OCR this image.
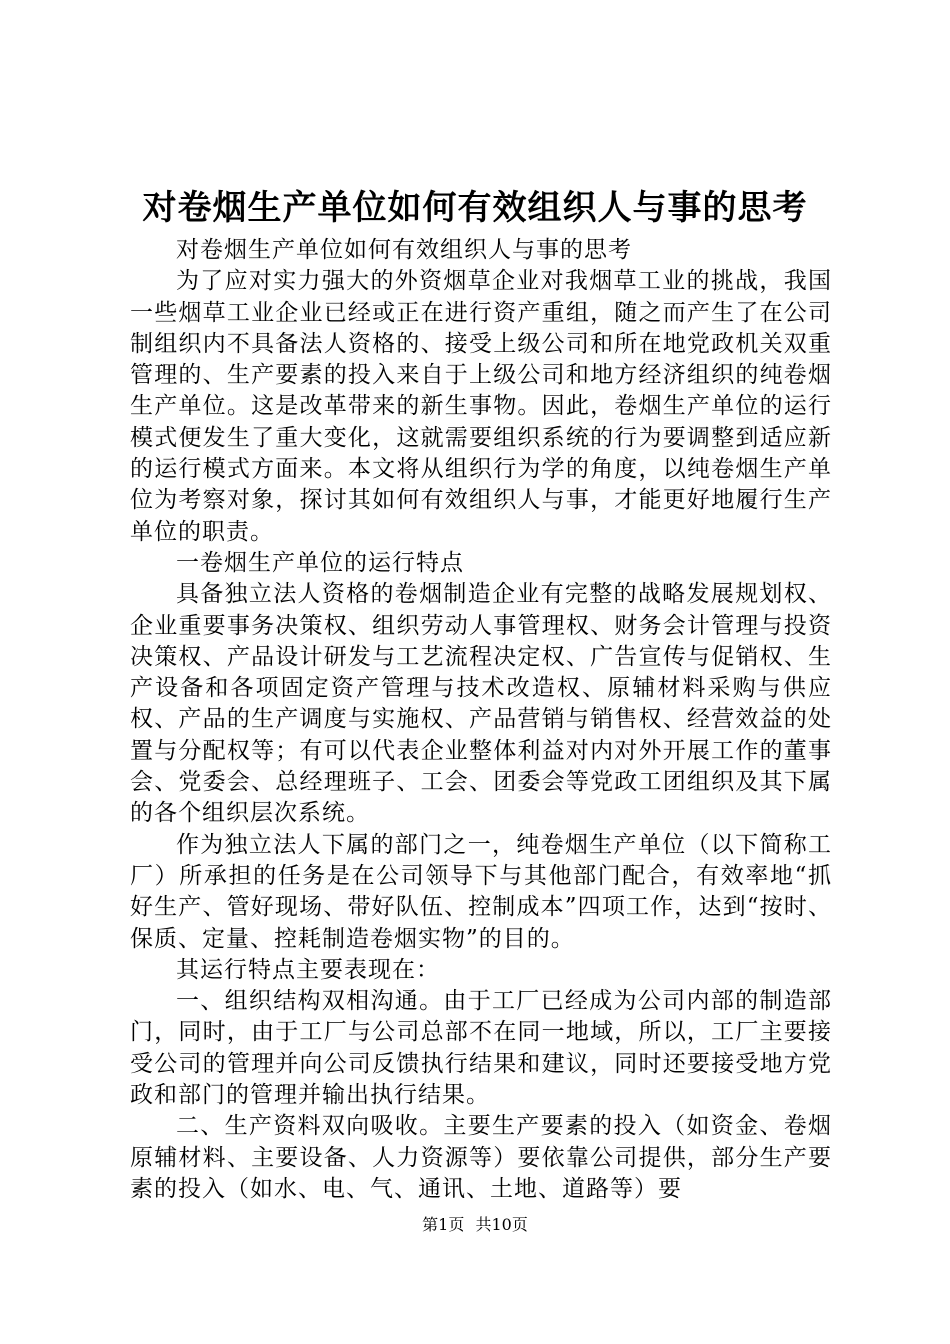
对卷烟生产单位如何有效组织人与事的思考

对卷烟生产单位如何有效组织人与事的思考

为了应对实力强大的外资烟草企业对我烟草工业的挑战，我国一些烟草工业企业已经或正在进行资产重组，随之而产生了在公司制组织内不具备法人资格的、接受上级公司和所在地党政机关双重管理的、生产要素的投入来自于上级公司和地方经济组织的纯卷烟生产单位。这是改革带来的新生事物。因此，卷烟生产单位的运行模式便发生了重大变化，这就需要组织系统的行为要调整到适应新的运行模式方面来。本文将从组织行为学的角度，以纯卷烟生产单位为考察对象，探讨其如何有效组织人与事，才能更好地履行生产单位的职责。

一卷烟生产单位的运行特点

具备独立法人资格的卷烟制造企业有完整的战略发展规划权、企业重要事务决策权、组织劳动人事管理权、财务会计管理与投资决策权、产品设计研发与工艺流程决定权、广告宣传与促销权、生产设备和各项固定资产管理与技术改造权、原辅材料采购与供应权、产品的生产调度与实施权、产品营销与销售权、经营效益的处置与分配权等；有可以代表企业整体利益对内对外开展工作的董事会、党委会、总经理班子、工会、团委会等党政工团组织及其下属的各个组织层次系统。

作为独立法人下属的部门之一，纯卷烟生产单位（以下简称工厂）所承担的任务是在公司领导下与其他部门配合，有效率地“抓好生产、管好现场、带好队伍、控制成本”四项工作，达到“按时、保质、定量、控耗制造卷烟实物”的目的。

其运行特点主要表现在：

一、组织结构双相沟通。由于工厂已经成为公司内部的制造部门，同时，由于工厂与公司总部不在同一地域，所以，工厂主要接受公司的管理并向公司反馈执行结果和建议，同时还要接受地方党政和部门的管理并输出执行结果。

二、生产资料双向吸收。主要生产要素的投入（如资金、卷烟原辅材料、主要设备、人力资源等）要依靠公司提供，部分生产要素的投入（如水、电、气、通讯、土地、道路等）要

第1页 共10页
